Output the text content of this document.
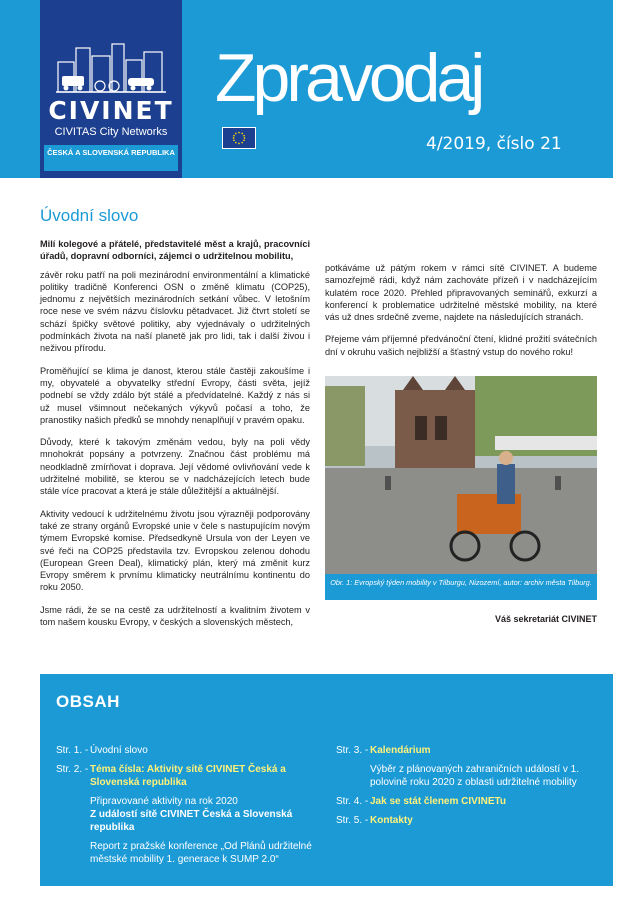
CIVINET
CIVITAS City Networks
ČESKÁ A SLOVENSKÁ REPUBLIKA
Zpravodaj
4/2019, číslo 21
Úvodní slovo

Milí kolegové a přátelé, představitelé měst a krajů, pracovníci úřadů, dopravní odborníci, zájemci o udržitelnou mobilitu,

závěr roku patří na poli mezinárodní environmentální a klimatické politiky tradičně Konferenci OSN o změně klimatu (COP25), jednomu z největších mezinárodních setkání vůbec. V letošním roce nese ve svém názvu číslovku pětadvacet. Již čtvrt století se schází špičky světové politiky, aby vyjednávaly o udržitelných podmínkách života na naší planetě jak pro lidi, tak i další živou i neživou přírodu.

Proměňující se klima je danost, kterou stále častěji zakoušíme i my, obyvatelé a obyvatelky střední Evropy, části světa, jejíž podnebí se vždy zdálo být stálé a předvídatelné. Každý z nás si už musel všimnout nečekaných výkyvů počasí a toho, že pranostiky našich předků se mnohdy nenaplňují v pravém opaku.

Důvody, které k takovým změnám vedou, byly na poli vědy mnohokrát popsány a potvrzeny. Značnou část problému má neodkladně zmírňovat i doprava. Její vědomé ovlivňování vede k udržitelné mobilitě, se kterou se v nadcházejících letech bude stále více pracovat a která je stále důležitější a aktuálnější.

Aktivity vedoucí k udržitelnému životu jsou výrazněji podporovány také ze strany orgánů Evropské unie v čele s nastupujícím novým týmem Evropské komise. Předsedkyně Ursula von der Leyen ve své řeči na COP25 představila tzv. Evropskou zelenou dohodu (European Green Deal), klimatický plán, který má změnit kurz Evropy směrem k prvnímu klimaticky neutrálnímu kontinentu do roku 2050.

Jsme rádi, že se na cestě za udržitelností a kvalitním životem v tom našem kousku Evropy, v českých a slovenských městech,

potkáváme už pátým rokem v rámci sítě CIVINET. A budeme samozřejmě rádi, když nám zachováte přízeň i v nadcházejícím kulatém roce 2020. Přehled připravovaných seminářů, exkurzí a konferencí k problematice udržitelné městské mobility, na které vás už dnes srdečně zveme, najdete na následujících stranách.

Přejeme vám příjemné předvánoční čtení, klidné prožití svátečních dní v okruhu vašich nejbližší a šťastný vstup do nového roku!

Obr. 1: Evropský týden mobility v Tilburgu, Nizozemí, autor: archiv města Tilburg.
Váš sekretariát CIVINET
OBSAH
Str. 1. - Úvodní slovo
Str. 2. - Téma čísla: Aktivity sítě CIVINET Česká a Slovenská republika
Připravované aktivity na rok 2020
Z událostí sítě CIVINET Česká a Slovenská republika
Report z pražské konference „Od Plánů udržitelné městské mobility 1. generace k SUMP 2.0“
Str. 3. - Kalendárium
Výběr z plánovaných zahraničních událostí v 1. polovině roku 2020 z oblasti udržitelné mobility
Str. 4. - Jak se stát členem CIVINETu
Str. 5. - Kontakty
